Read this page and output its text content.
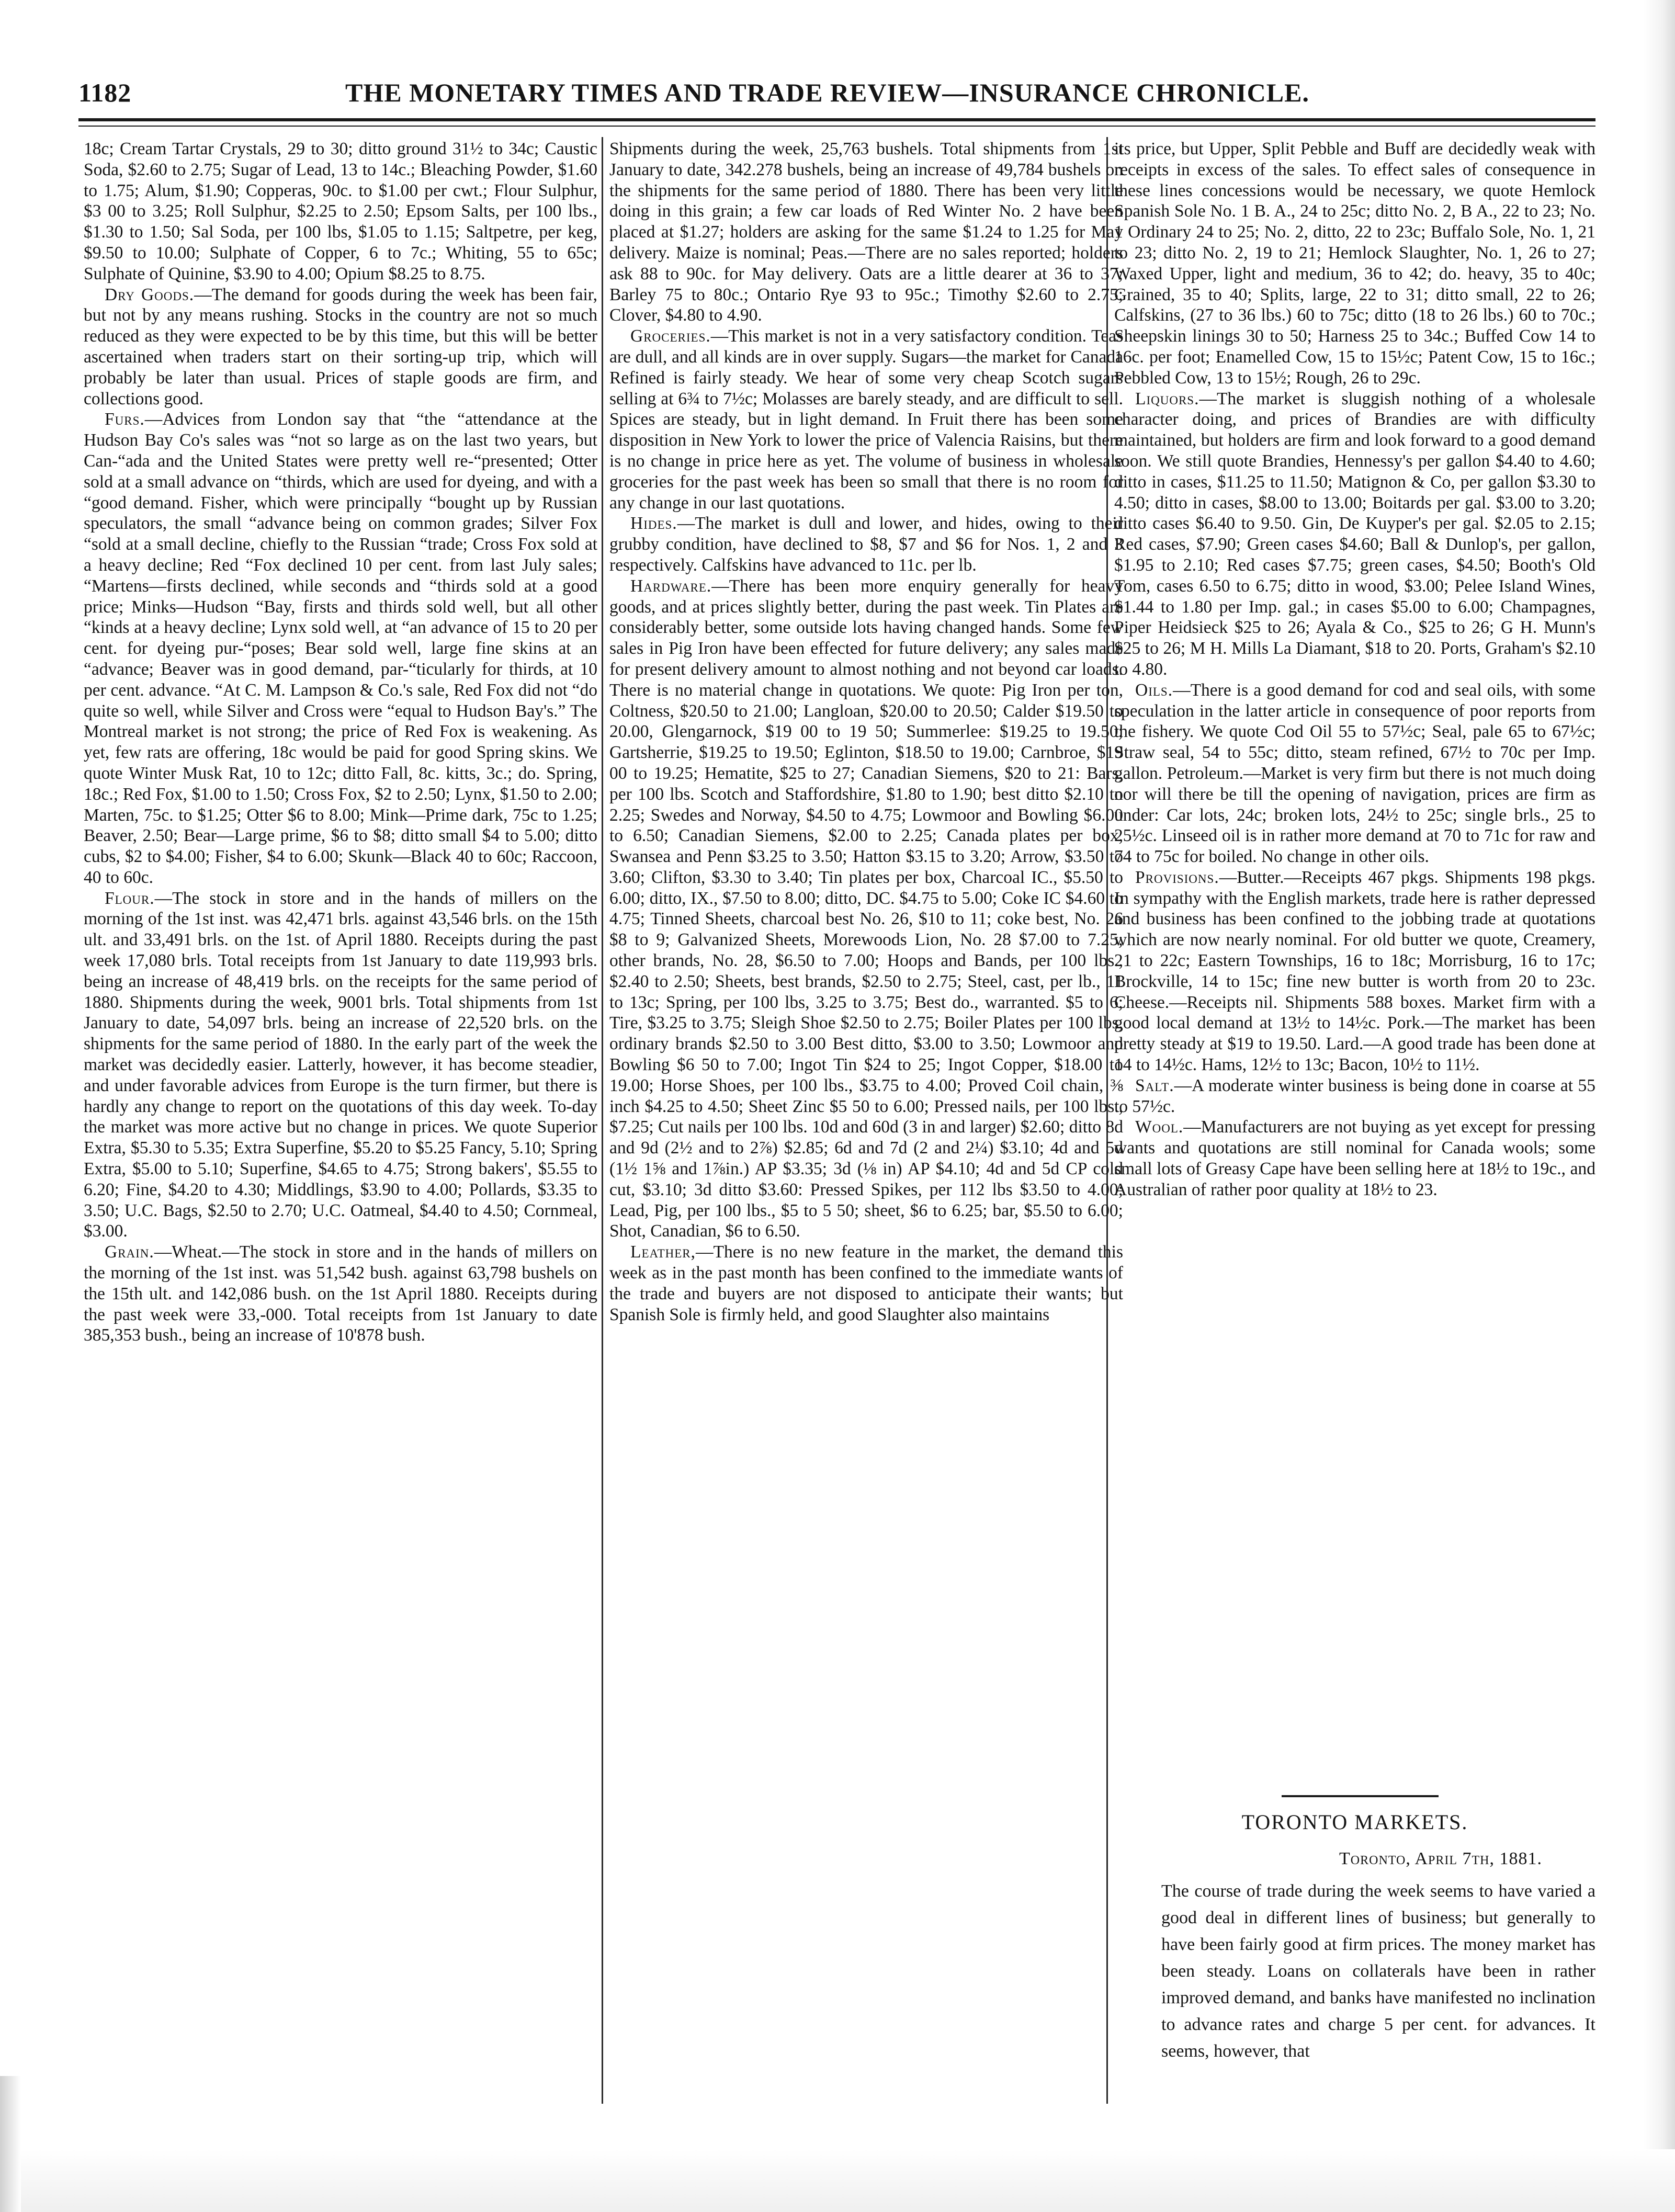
1182	THE MONETARY TIMES AND TRADE REVIEW—INSURANCE CHRONICLE.

18c; Cream Tartar Crystals, 29 to 30; ditto ground 31½ to 34c; Caustic Soda, $2.60 to 2.75; Sugar of Lead, 13 to 14c.; Bleaching Powder, $1.60 to 1.75; Alum, $1.90; Copperas, 90c. to $1.00 per cwt.; Flour Sulphur, $3 00 to 3.25; Roll Sulphur, $2.25 to 2.50; Epsom Salts, per 100 lbs., $1.30 to 1.50; Sal Soda, per 100 lbs, $1.05 to 1.15; Saltpetre, per keg, $9.50 to 10.00; Sulphate of Copper, 6 to 7c.; Whiting, 55 to 65c; Sulphate of Quinine, $3.90 to 4.00; Opium $8.25 to 8.75.

Dry Goods.—The demand for goods during the week has been fair, but not by any means rushing. Stocks in the country are not so much reduced as they were expected to be by this time, but this will be better ascertained when traders start on their sorting-up trip, which will probably be later than usual. Prices of staple goods are firm, and collections good.

Furs.—Advices from London say that “the “attendance at the Hudson Bay Co's sales was “not so large as on the last two years, but Can-“ada and the United States were pretty well re-“presented; Otter sold at a small advance on “thirds, which are used for dyeing, and with a “good demand. Fisher, which were principally “bought up by Russian speculators, the small “advance being on common grades; Silver Fox “sold at a small decline, chiefly to the Russian “trade; Cross Fox sold at a heavy decline; Red “Fox declined 10 per cent. from last July sales; “Martens—firsts declined, while seconds and “thirds sold at a good price; Minks—Hudson “Bay, firsts and thirds sold well, but all other “kinds at a heavy decline; Lynx sold well, at “an advance of 15 to 20 per cent. for dyeing pur-“poses; Bear sold well, large fine skins at an “advance; Beaver was in good demand, par-“ticularly for thirds, at 10 per cent. advance. “At C. M. Lampson & Co.'s sale, Red Fox did not “do quite so well, while Silver and Cross were “equal to Hudson Bay's.” The Montreal market is not strong; the price of Red Fox is weakening. As yet, few rats are offering, 18c would be paid for good Spring skins. We quote Winter Musk Rat, 10 to 12c; ditto Fall, 8c. kitts, 3c.; do. Spring, 18c.; Red Fox, $1.00 to 1.50; Cross Fox, $2 to 2.50; Lynx, $1.50 to 2.00; Marten, 75c. to $1.25; Otter $6 to 8.00; Mink—Prime dark, 75c to 1.25; Beaver, 2.50; Bear—Large prime, $6 to $8; ditto small $4 to 5.00; ditto cubs, $2 to $4.00; Fisher, $4 to 6.00; Skunk—Black 40 to 60c; Raccoon, 40 to 60c.

Flour.—The stock in store and in the hands of millers on the morning of the 1st inst. was 42,471 brls. against 43,546 brls. on the 15th ult. and 33,491 brls. on the 1st. of April 1880. Receipts during the past week 17,080 brls. Total receipts from 1st January to date 119,993 brls. being an increase of 48,419 brls. on the receipts for the same period of 1880. Shipments during the week, 9001 brls. Total shipments from 1st January to date, 54,097 brls. being an increase of 22,520 brls. on the shipments for the same period of 1880. In the early part of the week the market was decidedly easier. Latterly, however, it has become steadier, and under favorable advices from Europe is the turn firmer, but there is hardly any change to report on the quotations of this day week. To-day the market was more active but no change in prices. We quote Superior Extra, $5.30 to 5.35; Extra Superfine, $5.20 to $5.25 Fancy, 5.10; Spring Extra, $5.00 to 5.10; Superfine, $4.65 to 4.75; Strong bakers', $5.55 to 6.20; Fine, $4.20 to 4.30; Middlings, $3.90 to 4.00; Pollards, $3.35 to 3.50; U.C. Bags, $2.50 to 2.70; U.C. Oatmeal, $4.40 to 4.50; Cornmeal, $3.00.

Grain.—Wheat.—The stock in store and in the hands of millers on the morning of the 1st inst. was 51,542 bush. against 63,798 bushels on the 15th ult. and 142,086 bush. on the 1st April 1880. Receipts during the past week were 33,-000. Total receipts from 1st January to date 385,353 bush., being an increase of 10'878 bush.

Shipments during the week, 25,763 bushels. Total shipments from 1st January to date, 342.278 bushels, being an increase of 49,784 bushels on the shipments for the same period of 1880. There has been very little doing in this grain; a few car loads of Red Winter No. 2 have been placed at $1.27; holders are asking for the same $1.24 to 1.25 for May delivery. Maize is nominal; Peas.—There are no sales reported; holders ask 88 to 90c. for May delivery. Oats are a little dearer at 36 to 37; Barley 75 to 80c.; Ontario Rye 93 to 95c.; Timothy $2.60 to 2.75; Clover, $4.80 to 4.90.

Groceries.—This market is not in a very satisfactory condition. Teas are dull, and all kinds are in over supply. Sugars—the market for Canada Refined is fairly steady. We hear of some very cheap Scotch sugars selling at 6¾ to 7½c; Molasses are barely steady, and are difficult to sell. Spices are steady, but in light demand. In Fruit there has been some disposition in New York to lower the price of Valencia Raisins, but there is no change in price here as yet. The volume of business in wholesale groceries for the past week has been so small that there is no room for any change in our last quotations.

Hides.—The market is dull and lower, and hides, owing to their grubby condition, have declined to $8, $7 and $6 for Nos. 1, 2 and 3 respectively. Calfskins have advanced to 11c. per lb.

Hardware.—There has been more enquiry generally for heavy goods, and at prices slightly better, during the past week. Tin Plates are considerably better, some outside lots having changed hands. Some few sales in Pig Iron have been effected for future delivery; any sales made for present delivery amount to almost nothing and not beyond car loads. There is no material change in quotations. We quote: Pig Iron per ton, Coltness, $20.50 to 21.00; Langloan, $20.00 to 20.50; Calder $19.50 to 20.00, Glengarnock, $19 00 to 19 50; Summerlee: $19.25 to 19.50; Gartsherrie, $19.25 to 19.50; Eglinton, $18.50 to 19.00; Carnbroe, $19 00 to 19.25; Hematite, $25 to 27; Canadian Siemens, $20 to 21: Bars, per 100 lbs. Scotch and Staffordshire, $1.80 to 1.90; best ditto $2.10 to 2.25; Swedes and Norway, $4.50 to 4.75; Lowmoor and Bowling $6.00 to 6.50; Canadian Siemens, $2.00 to 2.25; Canada plates per box, Swansea and Penn $3.25 to 3.50; Hatton $3.15 to 3.20; Arrow, $3.50 to 3.60; Clifton, $3.30 to 3.40; Tin plates per box, Charcoal IC., $5.50 to 6.00; ditto, IX., $7.50 to 8.00; ditto, DC. $4.75 to 5.00; Coke IC $4.60 to 4.75; Tinned Sheets, charcoal best No. 26, $10 to 11; coke best, No. 26 $8 to 9; Galvanized Sheets, Morewoods Lion, No. 28 $7.00 to 7.25; other brands, No. 28, $6.50 to 7.00; Hoops and Bands, per 100 lbs., $2.40 to 2.50; Sheets, best brands, $2.50 to 2.75; Steel, cast, per lb., 11 to 13c; Spring, per 100 lbs, 3.25 to 3.75; Best do., warranted. $5 to 6; Tire, $3.25 to 3.75; Sleigh Shoe $2.50 to 2.75; Boiler Plates per 100 lbs, ordinary brands $2.50 to 3.00 Best ditto, $3.00 to 3.50; Lowmoor and Bowling $6 50 to 7.00; Ingot Tin $24 to 25; Ingot Copper, $18.00 to 19.00; Horse Shoes, per 100 lbs., $3.75 to 4.00; Proved Coil chain, ⅜ inch $4.25 to 4.50; Sheet Zinc $5 50 to 6.00; Pressed nails, per 100 lbs., $7.25; Cut nails per 100 lbs. 10d and 60d (3 in and larger) $2.60; ditto 8d and 9d (2½ and to 2⅞) $2.85; 6d and 7d (2 and 2¼) $3.10; 4d and 5d (1½ 1⅝ and 1⅞in.) AP $3.35; 3d (⅛ in) AP $4.10; 4d and 5d CP cold cut, $3.10; 3d ditto $3.60: Pressed Spikes, per 112 lbs $3.50 to 4.00; Lead, Pig, per 100 lbs., $5 to 5 50; sheet, $6 to 6.25; bar, $5.50 to 6.00; Shot, Canadian, $6 to 6.50.

Leather,—There is no new feature in the market, the demand this week as in the past month has been confined to the immediate wants of the trade and buyers are not disposed to anticipate their wants; but Spanish Sole is firmly held, and good Slaughter also maintains

its price, but Upper, Split Pebble and Buff are decidedly weak with receipts in excess of the sales. To effect sales of consequence in these lines concessions would be necessary, we quote Hemlock Spanish Sole No. 1 B. A., 24 to 25c; ditto No. 2, B A., 22 to 23; No. 1 Ordinary 24 to 25; No. 2, ditto, 22 to 23c; Buffalo Sole, No. 1, 21 to 23; ditto No. 2, 19 to 21; Hemlock Slaughter, No. 1, 26 to 27; Waxed Upper, light and medium, 36 to 42; do. heavy, 35 to 40c; Grained, 35 to 40; Splits, large, 22 to 31; ditto small, 22 to 26; Calfskins, (27 to 36 lbs.) 60 to 75c; ditto (18 to 26 lbs.) 60 to 70c.; Sheepskin linings 30 to 50; Harness 25 to 34c.; Buffed Cow 14 to 16c. per foot; Enamelled Cow, 15 to 15½c; Patent Cow, 15 to 16c.; Pebbled Cow, 13 to 15½; Rough, 26 to 29c.

Liquors.—The market is sluggish nothing of a wholesale character doing, and prices of Brandies are with difficulty maintained, but holders are firm and look forward to a good demand soon. We still quote Brandies, Hennessy's per gallon $4.40 to 4.60; ditto in cases, $11.25 to 11.50; Matignon & Co, per gallon $3.30 to 4.50; ditto in cases, $8.00 to 13.00; Boitards per gal. $3.00 to 3.20; ditto cases $6.40 to 9.50. Gin, De Kuyper's per gal. $2.05 to 2.15; Red cases, $7.90; Green cases $4.60; Ball & Dunlop's, per gallon, $1.95 to 2.10; Red cases $7.75; green cases, $4.50; Booth's Old Tom, cases 6.50 to 6.75; ditto in wood, $3.00; Pelee Island Wines, $1.44 to 1.80 per Imp. gal.; in cases $5.00 to 6.00; Champagnes, Piper Heidsieck $25 to 26; Ayala & Co., $25 to 26; G H. Munn's $25 to 26; M H. Mills La Diamant, $18 to 20. Ports, Graham's $2.10 to 4.80.

Oils.—There is a good demand for cod and seal oils, with some speculation in the latter article in consequence of poor reports from the fishery. We quote Cod Oil 55 to 57½c; Seal, pale 65 to 67½c; Straw seal, 54 to 55c; ditto, steam refined, 67½ to 70c per Imp. gallon. Petroleum.—Market is very firm but there is not much doing nor will there be till the opening of navigation, prices are firm as under: Car lots, 24c; broken lots, 24½ to 25c; single brls., 25 to 25½c. Linseed oil is in rather more demand at 70 to 71c for raw and 74 to 75c for boiled. No change in other oils.

Provisions.—Butter.—Receipts 467 pkgs. Shipments 198 pkgs. In sympathy with the English markets, trade here is rather depressed and business has been confined to the jobbing trade at quotations which are now nearly nominal. For old butter we quote, Creamery, 21 to 22c; Eastern Townships, 16 to 18c; Morrisburg, 16 to 17c; Brockville, 14 to 15c; fine new butter is worth from 20 to 23c. Cheese.—Receipts nil. Shipments 588 boxes. Market firm with a good local demand at 13½ to 14½c. Pork.—The market has been pretty steady at $19 to 19.50. Lard.—A good trade has been done at 14 to 14½c. Hams, 12½ to 13c; Bacon, 10½ to 11½.

Salt.—A moderate winter business is being done in coarse at 55 to 57½c.

Wool.—Manufacturers are not buying as yet except for pressing wants and quotations are still nominal for Canada wools; some small lots of Greasy Cape have been selling here at 18½ to 19c., and Australian of rather poor quality at 18½ to 23.

TORONTO MARKETS.
Toronto, April 7th, 1881.

The course of trade during the week seems to have varied a good deal in different lines of business; but generally to have been fairly good at firm prices. The money market has been steady. Loans on collaterals have been in rather improved demand, and banks have manifested no inclination to advance rates and charge 5 per cent. for advances. It seems, however, that
